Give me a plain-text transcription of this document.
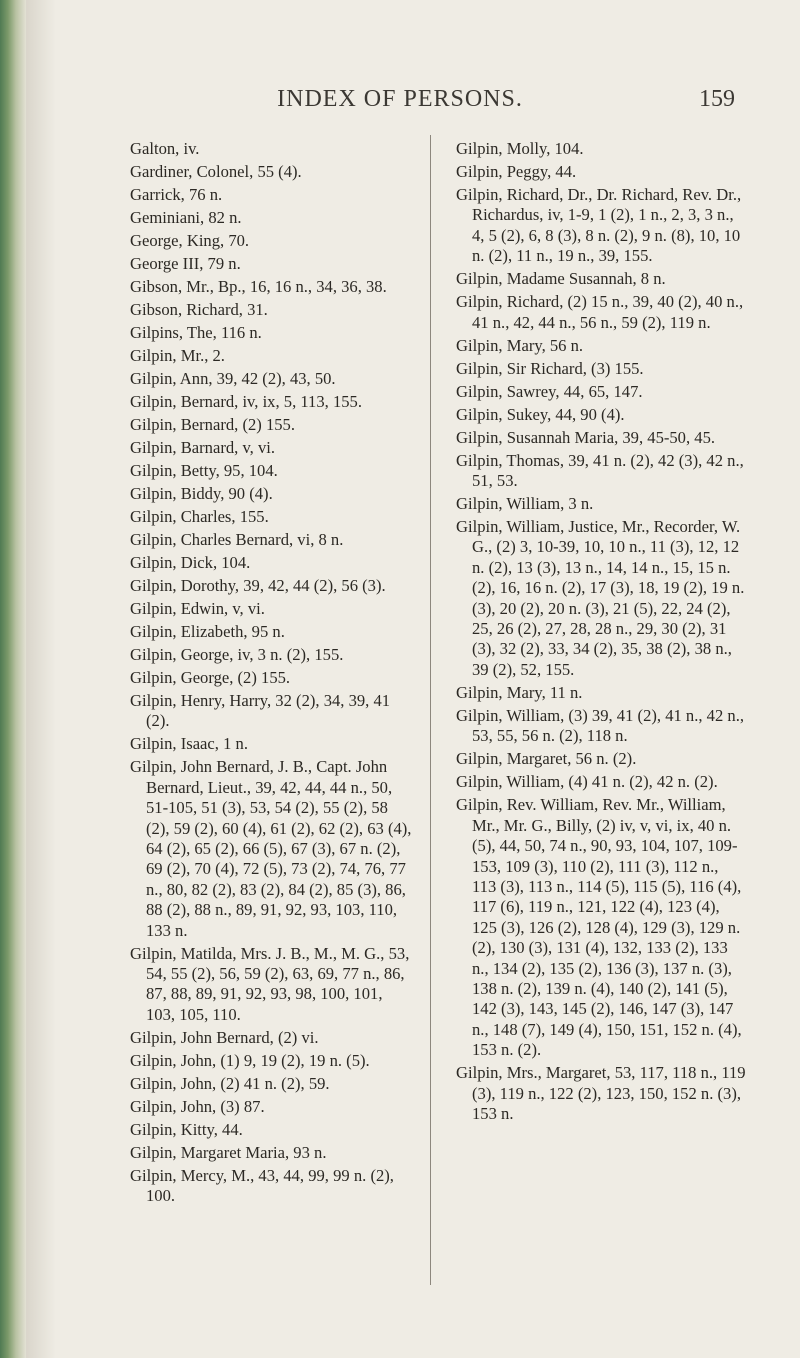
INDEX OF PERSONS.	159

Galton, iv.

Gardiner, Colonel, 55 (4).

Garrick, 76 n.

Geminiani, 82 n.

George, King, 70.

George III, 79 n.

Gibson, Mr., Bp., 16, 16 n., 34, 36, 38.

Gibson, Richard, 31.

Gilpins, The, 116 n.

Gilpin, Mr., 2.

Gilpin, Ann, 39, 42 (2), 43, 50.

Gilpin, Bernard, iv, ix, 5, 113, 155.

Gilpin, Bernard, (2) 155.

Gilpin, Barnard, v, vi.

Gilpin, Betty, 95, 104.

Gilpin, Biddy, 90 (4).

Gilpin, Charles, 155.

Gilpin, Charles Bernard, vi, 8 n.

Gilpin, Dick, 104.

Gilpin, Dorothy, 39, 42, 44 (2), 56 (3).

Gilpin, Edwin, v, vi.

Gilpin, Elizabeth, 95 n.

Gilpin, George, iv, 3 n. (2), 155.

Gilpin, George, (2) 155.

Gilpin, Henry, Harry, 32 (2), 34, 39, 41 (2).

Gilpin, Isaac, 1 n.

Gilpin, John Bernard, J. B., Capt. John Bernard, Lieut., 39, 42, 44, 44 n., 50, 51-105, 51 (3), 53, 54 (2), 55 (2), 58 (2), 59 (2), 60 (4), 61 (2), 62 (2), 63 (4), 64 (2), 65 (2), 66 (5), 67 (3), 67 n. (2), 69 (2), 70 (4), 72 (5), 73 (2), 74, 76, 77 n., 80, 82 (2), 83 (2), 84 (2), 85 (3), 86, 88 (2), 88 n., 89, 91, 92, 93, 103, 110, 133 n.

Gilpin, Matilda, Mrs. J. B., M., M. G., 53, 54, 55 (2), 56, 59 (2), 63, 69, 77 n., 86, 87, 88, 89, 91, 92, 93, 98, 100, 101, 103, 105, 110.

Gilpin, John Bernard, (2) vi.

Gilpin, John, (1) 9, 19 (2), 19 n. (5).

Gilpin, John, (2) 41 n. (2), 59.

Gilpin, John, (3) 87.

Gilpin, Kitty, 44.

Gilpin, Margaret Maria, 93 n.

Gilpin, Mercy, M., 43, 44, 99, 99 n. (2), 100.

Gilpin, Molly, 104.

Gilpin, Peggy, 44.

Gilpin, Richard, Dr., Dr. Richard, Rev. Dr., Richardus, iv, 1-9, 1 (2), 1 n., 2, 3, 3 n., 4, 5 (2), 6, 8 (3), 8 n. (2), 9 n. (8), 10, 10 n. (2), 11 n., 19 n., 39, 155.

Gilpin, Madame Susannah, 8 n.

Gilpin, Richard, (2) 15 n., 39, 40 (2), 40 n., 41 n., 42, 44 n., 56 n., 59 (2), 119 n.

Gilpin, Mary, 56 n.

Gilpin, Sir Richard, (3) 155.

Gilpin, Sawrey, 44, 65, 147.

Gilpin, Sukey, 44, 90 (4).

Gilpin, Susannah Maria, 39, 45-50, 45.

Gilpin, Thomas, 39, 41 n. (2), 42 (3), 42 n., 51, 53.

Gilpin, William, 3 n.

Gilpin, William, Justice, Mr., Recorder, W. G., (2) 3, 10-39, 10, 10 n., 11 (3), 12, 12 n. (2), 13 (3), 13 n., 14, 14 n., 15, 15 n. (2), 16, 16 n. (2), 17 (3), 18, 19 (2), 19 n. (3), 20 (2), 20 n. (3), 21 (5), 22, 24 (2), 25, 26 (2), 27, 28, 28 n., 29, 30 (2), 31 (3), 32 (2), 33, 34 (2), 35, 38 (2), 38 n., 39 (2), 52, 155.

Gilpin, Mary, 11 n.

Gilpin, William, (3) 39, 41 (2), 41 n., 42 n., 53, 55, 56 n. (2), 118 n.

Gilpin, Margaret, 56 n. (2).

Gilpin, William, (4) 41 n. (2), 42 n. (2).

Gilpin, Rev. William, Rev. Mr., William, Mr., Mr. G., Billy, (2) iv, v, vi, ix, 40 n. (5), 44, 50, 74 n., 90, 93, 104, 107, 109-153, 109 (3), 110 (2), 111 (3), 112 n., 113 (3), 113 n., 114 (5), 115 (5), 116 (4), 117 (6), 119 n., 121, 122 (4), 123 (4), 125 (3), 126 (2), 128 (4), 129 (3), 129 n. (2), 130 (3), 131 (4), 132, 133 (2), 133 n., 134 (2), 135 (2), 136 (3), 137 n. (3), 138 n. (2), 139 n. (4), 140 (2), 141 (5), 142 (3), 143, 145 (2), 146, 147 (3), 147 n., 148 (7), 149 (4), 150, 151, 152 n. (4), 153 n. (2).

Gilpin, Mrs., Margaret, 53, 117, 118 n., 119 (3), 119 n., 122 (2), 123, 150, 152 n. (3), 153 n.
